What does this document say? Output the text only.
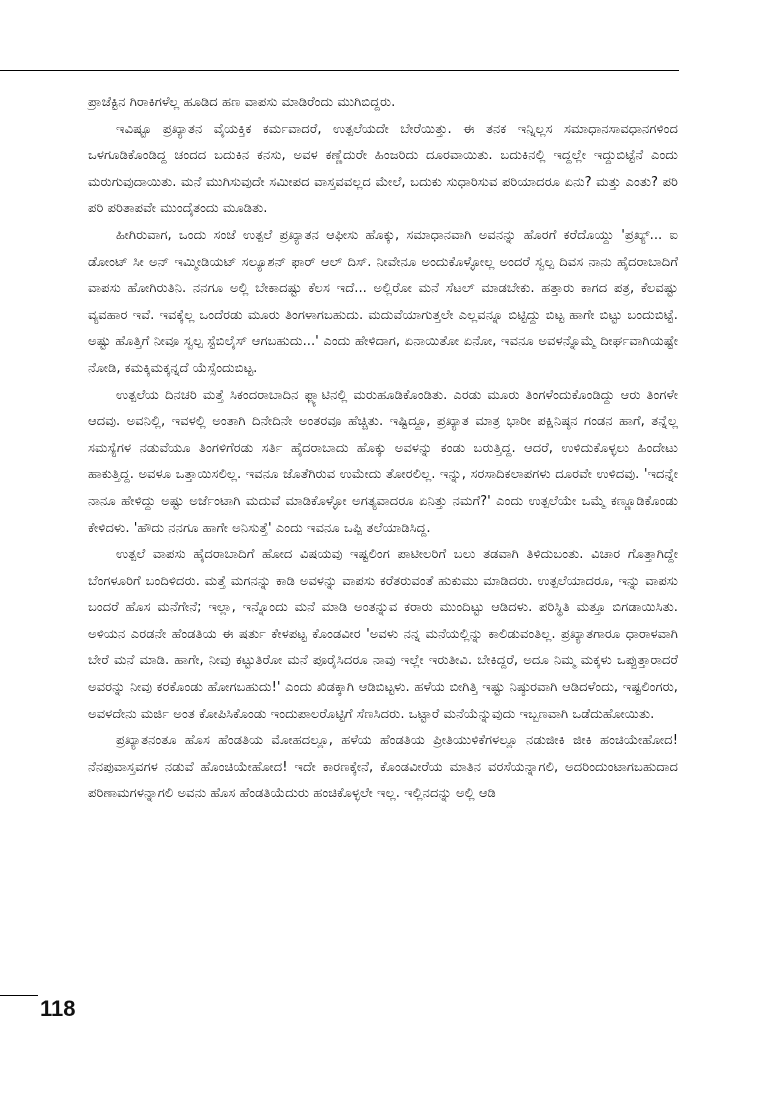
ಪ್ರಾಜೆಕ್ಟಿನ ಗಿರಾಕಿಗಳೆಲ್ಲ ಹೂಡಿದ ಹಣ ವಾಪಸು ಮಾಡಿರೆಂದು ಮುಗಿಬಿದ್ದರು.

ಇವಿಷ್ಟೂ ಪ್ರಖ್ಯಾತನ ವೈಯಕ್ತಿಕ ಕರ್ಮವಾದರೆ, ಉತ್ಪಲೆಯದೇ ಬೇರೆಯಿತ್ತು. ಈ ತನಕ ಇನ್ನಿಲ್ಲಸ ಸಮಾಧಾನಸಾವಧಾನಗಳಿಂದ ಒಳಗೂಡಿಕೊಂಡಿದ್ದ ಚಂದದ ಬದುಕಿನ ಕನಸು, ಅವಳ ಕಣ್ಣೆದುರೇ ಹಿಂಜರಿದು ದೂರವಾಯಿತು. ಬದುಕಿನಲ್ಲಿ ಇದ್ದಲ್ಲೇ ಇದ್ದುಬಿಟ್ಟೆನೆ ಎಂದು ಮರುಗುವುದಾಯಿತು. ಮನೆ ಮುಗಿಸುವುದೇ ಸಮೀಪದ ವಾಸ್ತವವಲ್ಲದ ಮೇಲೆ, ಬದುಕು ಸುಧಾರಿಸುವ ಪರಿಯಾದರೂ ಏನು? ಮತ್ತು ಎಂತು? ಪರಿ ಪರಿ ಪರಿತಾಪವೇ ಮುಂದೈತಂದು ಮೂಡಿತು.

ಹೀಗಿರುವಾಗ, ಒಂದು ಸಂಜೆ ಉತ್ಪಲೆ ಪ್ರಖ್ಯಾತನ ಆಫೀಸು ಹೊಕ್ಕು, ಸಮಾಧಾನವಾಗಿ ಅವನನ್ನು ಹೊರಗೆ ಕರೆದೊಯ್ದು 'ಪ್ರಖ್ಯ್... ಐ ಡೋಂಟ್ ಸೀ ಅನ್ ಇಮ್ಮೀಡಿಯಟ್ ಸಲ್ಯೂಶನ್ ಫಾರ್ ಆಲ್ ದಿಸ್. ನೀವೇನೂ ಅಂದುಕೊಳ್ಳೋಲ್ಲ ಅಂದರೆ ಸ್ವಲ್ಪ ದಿವಸ ನಾನು ಹೈದರಾಬಾದಿಗೆ ವಾಪಸು ಹೋಗಿರುತಿನಿ. ನನಗೂ ಅಲ್ಲಿ ಬೇಕಾದಷ್ಟು ಕೆಲಸ ಇದೆ... ಅಲ್ಲಿರೋ ಮನೆ ಸೆಟಲ್ ಮಾಡಬೇಕು. ಹತ್ತಾರು ಕಾಗದ ಪತ್ರ, ಕೆಲವಷ್ಟು ವ್ಯವಹಾರ ಇವೆ. ಇವಕ್ಕೆಲ್ಲ ಒಂದೆರಡು ಮೂರು ತಿಂಗಳಾಗಬಹುದು. ಮದುವೆಯಾಗುತ್ತಲೇ ಎಲ್ಲವನ್ನೂ ಬಿಟ್ಟಿದ್ದು ಬಿಟ್ಟ ಹಾಗೇ ಬಿಟ್ಟು ಬಂದುಬಿಟ್ಟೆ. ಅಷ್ಟು ಹೊತ್ತಿಗೆ ನೀವೂ ಸ್ವಲ್ಪ ಸ್ಟೆಬಿಲೈಸ್ ಆಗಬಹುದು...' ಎಂದು ಹೇಳಿದಾಗ, ಏನಾಯಿತೋ ಏನೋ, ಇವನೂ ಅವಳನ್ನೊಮ್ಮೆ ದೀರ್ಘವಾಗಿಯಷ್ಟೇ ನೋಡಿ, ಕಮಕ್ಕಿಮಕ್ಕನ್ನದೆ ಯೆಸ್ಸೆಂದುಬಿಟ್ಟ.

ಉತ್ಪಲೆಯ ದಿನಚರಿ ಮತ್ತೆ ಸಿಕಂದರಾಬಾದಿನ ಫ್ಲ್ಯಾಟಿನಲ್ಲಿ ಮರುಹೂಡಿಕೊಂಡಿತು. ಎರಡು ಮೂರು ತಿಂಗಳೆಂದುಕೊಂಡಿದ್ದು ಆರು ತಿಂಗಳೇ ಆದವು. ಅವನಿಲ್ಲಿ, ಇವಳಲ್ಲಿ ಅಂತಾಗಿ ದಿನೇದಿನೇ ಅಂತರವೂ ಹೆಚ್ಚಿತು. ಇಷ್ಟಿದ್ದೂ, ಪ್ರಖ್ಯಾತ ಮಾತ್ರ ಭಾರೀ ಪಕ್ಷಿನಿಷ್ಠನ ಗಂಡನ ಹಾಗೆ, ತನ್ನೆಲ್ಲ ಸಮಸ್ಯೆಗಳ ನಡುವೆಯೂ ತಿಂಗಳಿಗೆರಡು ಸರ್ತಿ ಹೈದರಾಬಾದು ಹೊಕ್ಕು ಅವಳನ್ನು ಕಂಡು ಬರುತ್ತಿದ್ದ. ಆದರೆ, ಉಳಿದುಕೊಳ್ಳಲು ಹಿಂದೇಟು ಹಾಕುತ್ತಿದ್ದ. ಅವಳೂ ಒತ್ತಾಯಿಸಲಿಲ್ಲ. ಇವನೂ ಜೊತೆಗಿರುವ ಉಮೇದು ತೋರಲಿಲ್ಲ. ಇನ್ನು, ಸರಸಾದಿಕಲಾಪಗಳು ದೂರವೇ ಉಳಿದವು. 'ಇದನ್ನೇ ನಾನೂ ಹೇಳಿದ್ದು ಅಷ್ಟು ಅರ್ಜೆಂಟಾಗಿ ಮದುವೆ ಮಾಡಿಕೊಳ್ಳೋ ಅಗತ್ಯವಾದರೂ ಏನಿತ್ತು ನಮಗೆ?' ಎಂದು ಉತ್ಪಲೆಯೇ ಒಮ್ಮೆ ಕಣ್ಣೂಡಿಕೊಂಡು ಕೇಳಿದಳು. 'ಹೌದು ನನಗೂ ಹಾಗೇ ಅನಿಸುತ್ತೆ' ಎಂದು ಇವನೂ ಒಪ್ಪಿ ತಲೆಯಾಡಿಸಿದ್ದ.

ಉತ್ಪಲೆ ವಾಪಸು ಹೈದರಾಬಾದಿಗೆ ಹೋದ ವಿಷಯವು ಇಷ್ಟಲಿಂಗ ಪಾಟೀಲರಿಗೆ ಬಲು ತಡವಾಗಿ ತಿಳಿದುಬಂತು. ವಿಚಾರ ಗೊತ್ತಾಗಿದ್ದೇ ಬೆಂಗಳೂರಿಗೆ ಬಂದಿಳಿದರು. ಮತ್ತೆ ಮಗನನ್ನು ಕಾಡಿ ಅವಳನ್ನು ವಾಪಸು ಕರೆತರುವಂತೆ ಹುಕುಮು ಮಾಡಿದರು. ಉತ್ಪಲೆಯಾದರೂ, ಇನ್ನು ವಾಪಸು ಬಂದರೆ ಹೊಸ ಮನೆಗೇನೆ; ಇಲ್ಲಾ, ಇನ್ನೊಂದು ಮನೆ ಮಾಡಿ ಅಂತನ್ನುವ ಕರಾರು ಮುಂದಿಟ್ಟು ಆಡಿದಳು. ಪರಿಸ್ಥಿತಿ ಮತ್ತೂ ಬಿಗಡಾಯಿಸಿತು. ಅಳಿಯನ ಎರಡನೇ ಹೆಂಡತಿಯ ಈ ಷರ್ತು ಕೇಳಪಟ್ಟ ಕೊಂಡವೀರ 'ಅವಳು ನನ್ನ ಮನೆಯಲ್ಲಿನ್ನು ಕಾಲಿಡುವಂತಿಲ್ಲ. ಪ್ರಖ್ಯಾತಗಾರೂ ಧಾರಾಳವಾಗಿ ಬೇರೆ ಮನೆ ಮಾಡಿ. ಹಾಗೇ, ನೀವು ಕಟ್ಟುತಿರೋ ಮನೆ ಪೂರೈಸಿದರೂ ನಾವು ಇಲ್ಲೇ ಇರುತೀವಿ. ಬೇಕಿದ್ದರೆ, ಅದೂ ನಿಮ್ಮ ಮಕ್ಕಳು ಒಪ್ಪುತ್ತಾರಾದರೆ ಅವರನ್ನು ನೀವು ಕರಕೊಂಡು ಹೋಗಬಹುದು!' ಎಂದು ಖಿಡಕ್ಕಾಗಿ ಆಡಿಬಿಟ್ಟಳು. ಹಳೆಯ ಬೀಗಿತ್ತಿ ಇಷ್ಟು ನಿಷ್ಠುರವಾಗಿ ಆಡಿದಳೆಂದು, ಇಷ್ಟಲಿಂಗರು, ಅವಳದೇನು ಮರ್ಜಿ ಅಂತ ಕೋಪಿಸಿಕೊಂಡು ಇಂದುಪಾಲರೊಟ್ಟಿಗೆ ಸೆಣಸಿದರು. ಒಟ್ಟಾರೆ ಮನೆಯೆನ್ನುವುದು ಇಬ್ಬಣವಾಗಿ ಒಡೆದುಹೋಯಿತು.

ಪ್ರಖ್ಯಾತನಂತೂ ಹೊಸ ಹೆಂಡತಿಯ ಮೋಹದಲ್ಲೂ, ಹಳೆಯ ಹೆಂಡತಿಯ ಪ್ರೀತಿಯುಳಿಕೆಗಳಲ್ಲೂ ನಡುಜೀಕಿ ಜೀಕಿ ಹಂಚಿಯೇಹೋದ! ನೆನಪುವಾಸ್ತವಗಳ ನಡುವೆ ಹೊಂಚಿಯೇಹೋದ! ಇದೇ ಕಾರಣಕ್ಕೇನೆ, ಕೊಂಡವೀರೆಯ ಮಾತಿನ ವರಸೆಯನ್ನಾಗಲಿ, ಅದರಿಂದುಂಟಾಗಬಹುದಾದ ಪರಿಣಾಮಗಳನ್ನಾಗಲಿ ಅವನು ಹೊಸ ಹೆಂಡತಿಯೆದುರು ಹಂಚಿಕೊಳ್ಳಲೇ ಇಲ್ಲ. ಇಲ್ಲಿನದನ್ನು ಅಲ್ಲಿ ಆಡಿ

118
